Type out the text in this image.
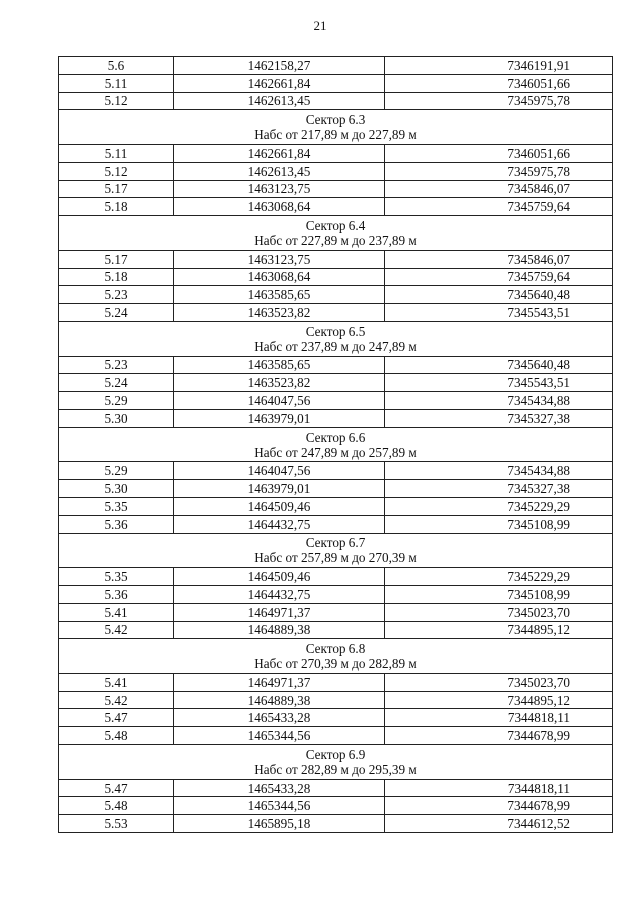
21
5.6	1462158,27	7346191,91
5.11	1462661,84	7346051,66
5.12	1462613,45	7345975,78

Сектор 6.3
Набс от 217,89 м до 227,89 м		

5.11	1462661,84	7346051,66
5.12	1462613,45	7345975,78
5.17	1463123,75	7345846,07
5.18	1463068,64	7345759,64

Сектор 6.4
Набс от 227,89 м до 237,89 м		

5.17	1463123,75	7345846,07
5.18	1463068,64	7345759,64
5.23	1463585,65	7345640,48
5.24	1463523,82	7345543,51

Сектор 6.5
Набс от 237,89 м до 247,89 м		

5.23	1463585,65	7345640,48
5.24	1463523,82	7345543,51
5.29	1464047,56	7345434,88
5.30	1463979,01	7345327,38

Сектор 6.6
Набс от 247,89 м до 257,89 м		

5.29	1464047,56	7345434,88
5.30	1463979,01	7345327,38
5.35	1464509,46	7345229,29
5.36	1464432,75	7345108,99

Сектор 6.7
Набс от 257,89 м до 270,39 м		

5.35	1464509,46	7345229,29
5.36	1464432,75	7345108,99
5.41	1464971,37	7345023,70
5.42	1464889,38	7344895,12

Сектор 6.8
Набс от 270,39 м до 282,89 м		

5.41	1464971,37	7345023,70
5.42	1464889,38	7344895,12
5.47	1465433,28	7344818,11
5.48	1465344,56	7344678,99

Сектор 6.9
Набс от 282,89 м до 295,39 м		

5.47	1465433,28	7344818,11
5.48	1465344,56	7344678,99
5.53	1465895,18	7344612,52
